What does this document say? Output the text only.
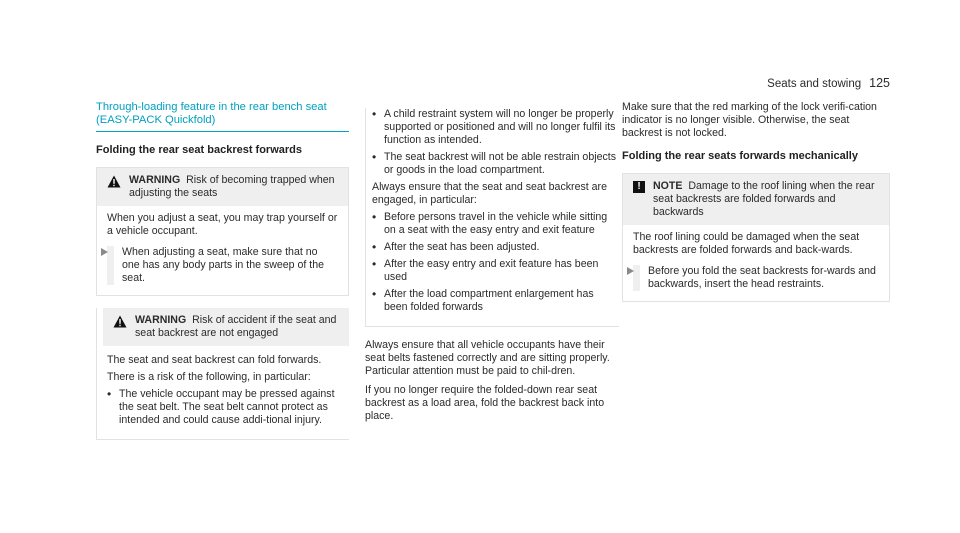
Seats and stowing 125
Through-loading feature in the rear bench seat
(EASY-PACK Quickfold)
Folding the rear seat backrest forwards
WARNING Risk of becoming trapped when adjusting the seats

When you adjust a seat, you may trap yourself or a vehicle occupant.

When adjusting a seat, make sure that no one has any body parts in the sweep of the seat.
WARNING Risk of accident if the seat and seat backrest are not engaged

The seat and seat backrest can fold forwards.

There is a risk of the following, in particular:

• The vehicle occupant may be pressed against the seat belt. The seat belt cannot protect as intended and could cause addi-tional injury.
• A child restraint system will no longer be properly supported or positioned and will no longer fulfil its function as intended.
• The seat backrest will not be able restrain objects or goods in the load compartment.

Always ensure that the seat and seat backrest are engaged, in particular:

• Before persons travel in the vehicle while sitting on a seat with the easy entry and exit feature
• After the seat has been adjusted.
• After the easy entry and exit feature has been used
• After the load compartment enlargement has been folded forwards

Always ensure that all vehicle occupants have their seat belts fastened correctly and are sitting properly. Particular attention must be paid to chil-dren.

If you no longer require the folded-down rear seat backrest as a load area, fold the backrest back into place.

Make sure that the red marking of the lock verifi-cation indicator is no longer visible. Otherwise, the seat backrest is not locked.

Folding the rear seats forwards mechanically
!	NOTE Damage to the roof lining when the rear seat backrests are folded forwards and backwards

The roof lining could be damaged when the seat backrests are folded forwards and back-wards.

Before you fold the seat backrests for-wards and backwards, insert the head restraints.
